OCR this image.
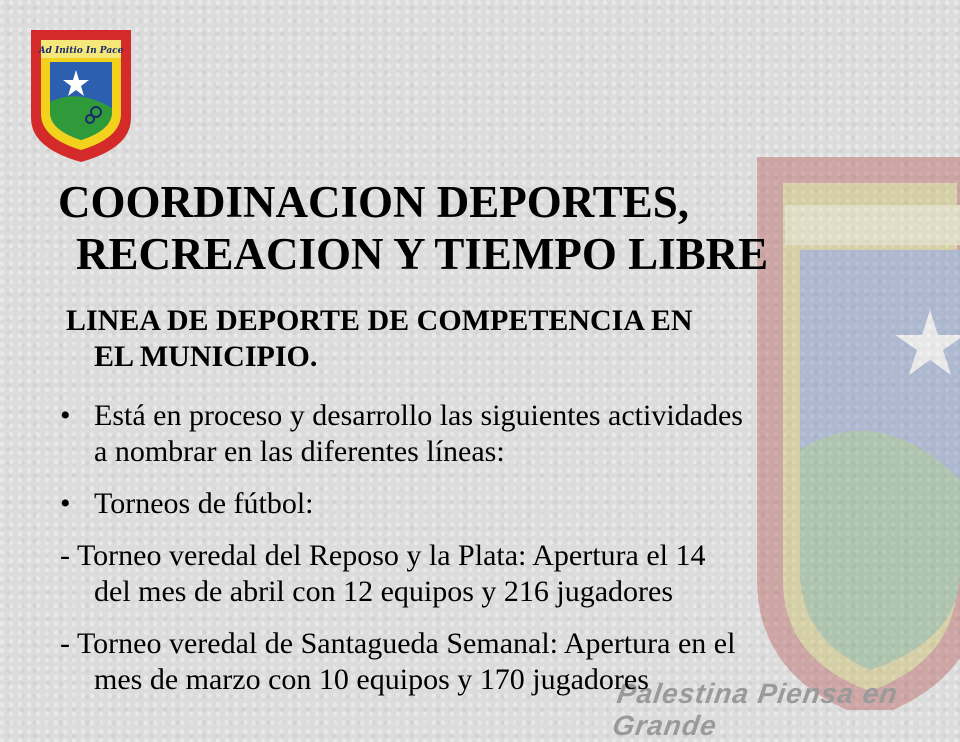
Palestina Piensa en Grande
Ad Initio In Pace
COORDINACION DEPORTES,
RECREACION Y TIEMPO LIBRE
LINEA DE DEPORTE DE COMPETENCIA EN
EL MUNICIPIO.
• Está en proceso y desarrollo las siguientes actividades
a nombrar en las diferentes líneas:
• Torneos de fútbol:
- Torneo veredal del Reposo y la Plata: Apertura el 14
del mes de abril con 12 equipos y 216 jugadores
- Torneo veredal de Santagueda Semanal: Apertura en el
mes de marzo con 10 equipos y 170 jugadores
